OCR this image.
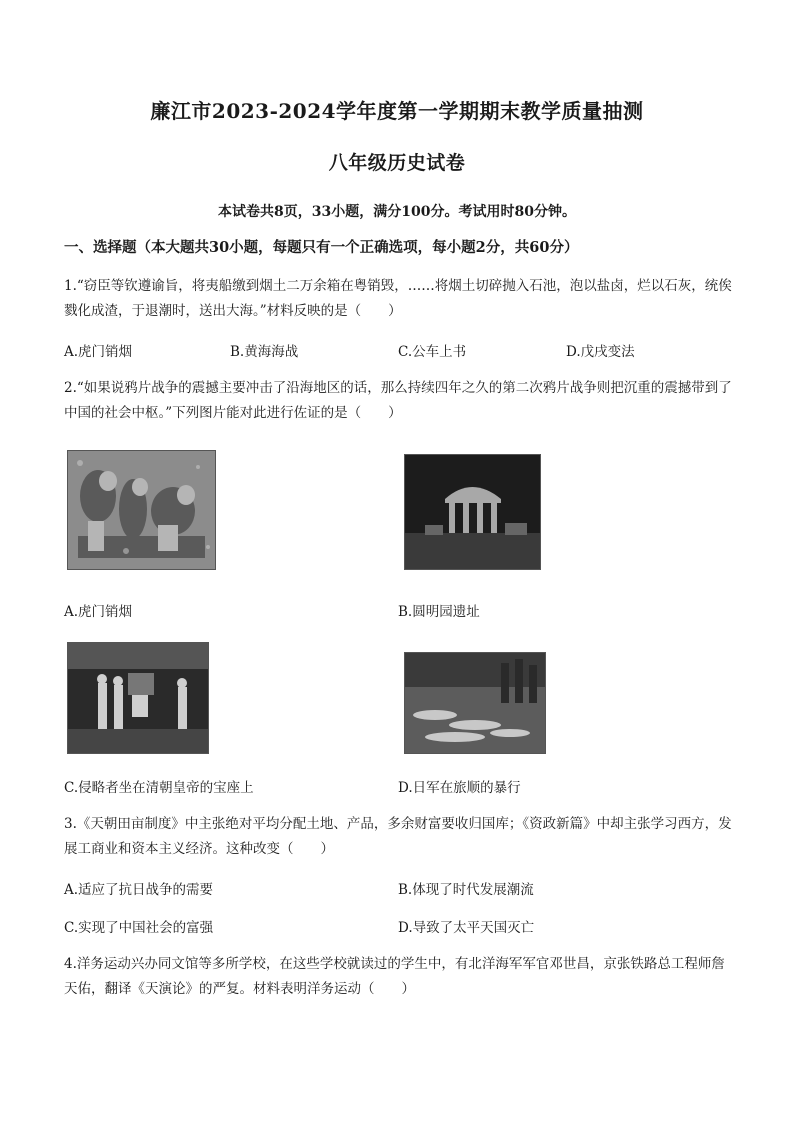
廉江市2023-2024学年度第一学期期末教学质量抽测
八年级历史试卷
本试卷共8页，33小题，满分100分。考试用时80分钟。
一、选择题（本大题共30小题，每题只有一个正确选项，每小题2分，共60分）
1.“窃臣等钦遵谕旨，将夷船缴到烟土二万余箱在粤销毁，……将烟土切碎抛入石池，泡以盐卤，烂以石灰，统俟戮化成渣，于退潮时，送出大海。”材料反映的是（　　）
A.虎门销烟	B.黄海海战	C.公车上书	D.戊戌变法
2.“如果说鸦片战争的震撼主要冲击了沿海地区的话，那么持续四年之久的第二次鸦片战争则把沉重的震撼带到了中国的社会中枢。”下列图片能对此进行佐证的是（　　）
A.虎门销烟	B.圆明园遗址
C.侵略者坐在清朝皇帝的宝座上	D.日军在旅顺的暴行
3.《天朝田亩制度》中主张绝对平均分配土地、产品，多余财富要收归国库；《资政新篇》中却主张学习西方，发展工商业和资本主义经济。这种改变（　　）
A.适应了抗日战争的需要	B.体现了时代发展潮流
C.实现了中国社会的富强	D.导致了太平天国灭亡
4.洋务运动兴办同文馆等多所学校，在这些学校就读过的学生中，有北洋海军军官邓世昌，京张铁路总工程师詹天佑，翻译《天演论》的严复。材料表明洋务运动（　　）
